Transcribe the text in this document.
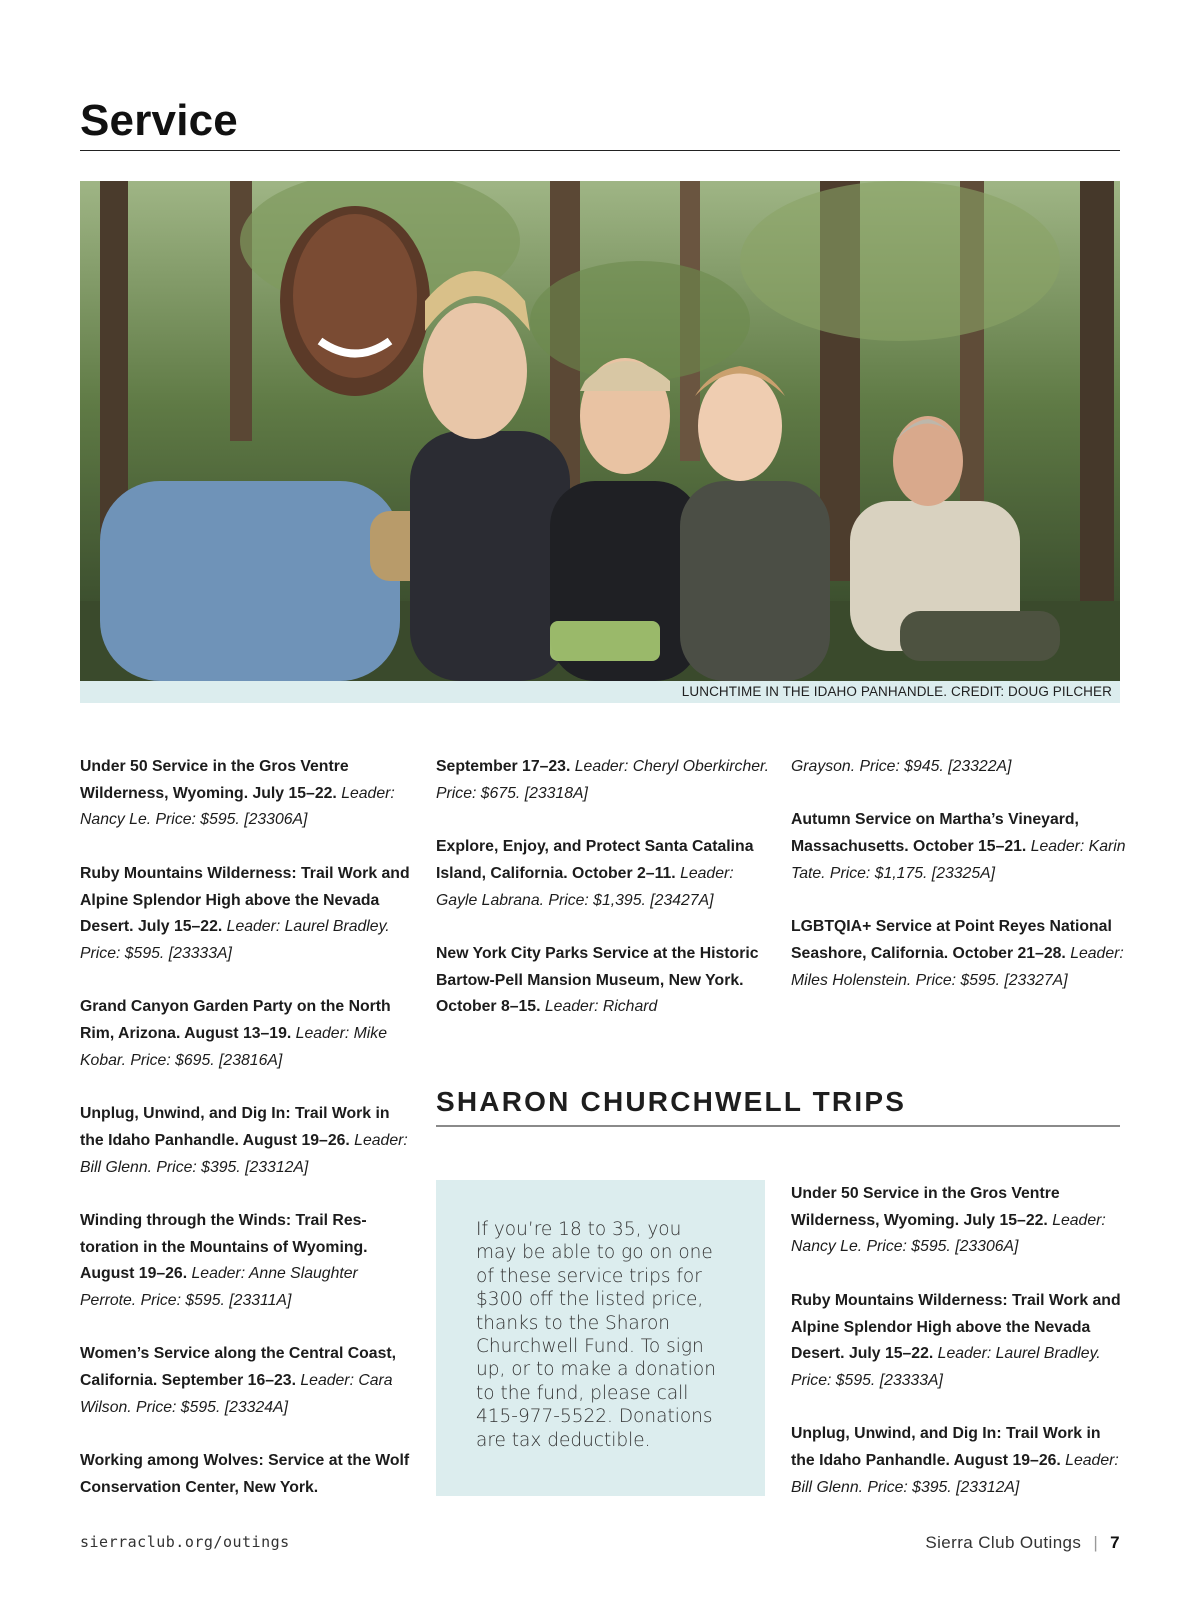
Service
LUNCHTIME IN THE IDAHO PANHANDLE. CREDIT: DOUG PILCHER

Under 50 Service in the Gros Ventre Wilderness, Wyoming. July 15–22. Leader: Nancy Le. Price: $595. [23306A]

Ruby Mountains Wilderness: Trail Work and Alpine Splendor High above the Nevada Desert. July 15–22. Leader: Laurel Bradley. Price: $595. [23333A]

Grand Canyon Garden Party on the North Rim, Arizona. August 13–19. Leader: Mike Kobar. Price: $695. [23816A]

Unplug, Unwind, and Dig In: Trail Work in the Idaho Panhandle. August 19–26. Leader: Bill Glenn. Price: $395. [23312A]

Winding through the Winds: Trail Res-toration in the Mountains of Wyoming. August 19–26. Leader: Anne Slaughter Perrote. Price: $595. [23311A]

Women’s Service along the Central Coast, California. September 16–23. Leader: Cara Wilson. Price: $595. [23324A]

Working among Wolves: Service at the Wolf Conservation Center, New York.

September 17–23. Leader: Cheryl Oberkircher. Price: $675. [23318A]

Explore, Enjoy, and Protect Santa Catalina Island, California. October 2–11. Leader: Gayle Labrana. Price: $1,395. [23427A]

New York City Parks Service at the Historic Bartow-Pell Mansion Museum, New York. October 8–15. Leader: Richard

Grayson. Price: $945. [23322A]

Autumn Service on Martha’s Vineyard, Massachusetts. October 15–21. Leader: Karin Tate. Price: $1,175. [23325A]

LGBTQIA+ Service at Point Reyes National Seashore, California. October 21–28. Leader: Miles Holenstein. Price: $595. [23327A]

SHARON CHURCHWELL TRIPS

If you’re 18 to 35, you may be able to go on one of these service trips for $300 off the listed price, thanks to the Sharon Churchwell Fund. To sign up, or to make a donation to the fund, please call 415-977-5522. Donations are tax deductible.

Under 50 Service in the Gros Ventre Wilderness, Wyoming. July 15–22. Leader: Nancy Le. Price: $595. [23306A]

Ruby Mountains Wilderness: Trail Work and Alpine Splendor High above the Nevada Desert. July 15–22. Leader: Laurel Bradley. Price: $595. [23333A]

Unplug, Unwind, and Dig In: Trail Work in the Idaho Panhandle. August 19–26. Leader: Bill Glenn. Price: $395. [23312A]

sierraclub.org/outings	Sierra Club Outings | 7
